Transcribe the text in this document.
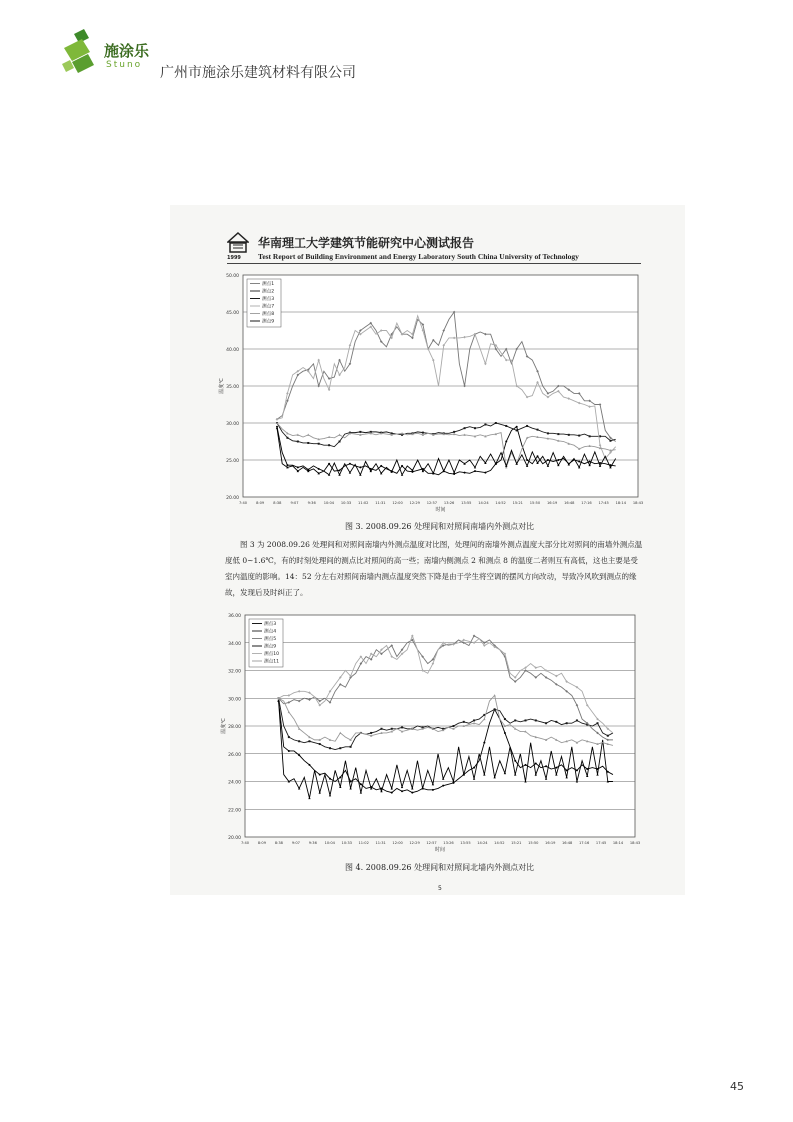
施涂乐
Stuno 广州市施涂乐建筑材料有限公司
1999
华南理工大学建筑节能研究中心测试报告
Test Report of Building Environment and Energy Laboratory South China University of Technology
20.00
25.00
30.00
35.00
40.00
45.00
50.00
7:40	8:09	8:38	9:07	9:36 10:04 10:33 11:02 11:31 12:00 12:29 12:57 13:26 13:55 14:24 14:52 15:21 15:50 16:19 16:48 17:16 17:45 18:14 18:43
时间
温度℃
测点1
测点2
测点3
测点7
测点8
测点9
图 3. 2008.09.26 处理间和对照间南墙内外测点对比

图 3 为 2008.09.26 处理间和对照间南墙内外测点温度对比图，处理间的南墙外测点温度大部分比对照间的南墙外测点温度低 0~1.6℃，有的时刻处理间的测点比对照间的高一些；南墙内侧测点 2 和测点 8 的温度二者则互有高低，这也主要是受室内温度的影响。14：52 分左右对照间南墙内测点温度突然下降是由于学生将空调的摆风方向改动，导致冷风吹到测点的缘故，发现后及时纠正了。

20.00
22.00
24.00
26.00
28.00
30.00
32.00
34.00
36.00
7:40 8:09 8:38 9:07 9:36 10:04 10:33 11:02 11:31 12:00 12:29 12:57 13:26 13:55 14:24 14:52 15:21 15:50 16:19 16:48 17:16 17:45 18:14 18:43
时间
温度℃
测点3
测点4
测点5
测点9
测点10
测点11
图 4. 2008.09.26 处理间和对照间北墙内外测点对比
5
45
